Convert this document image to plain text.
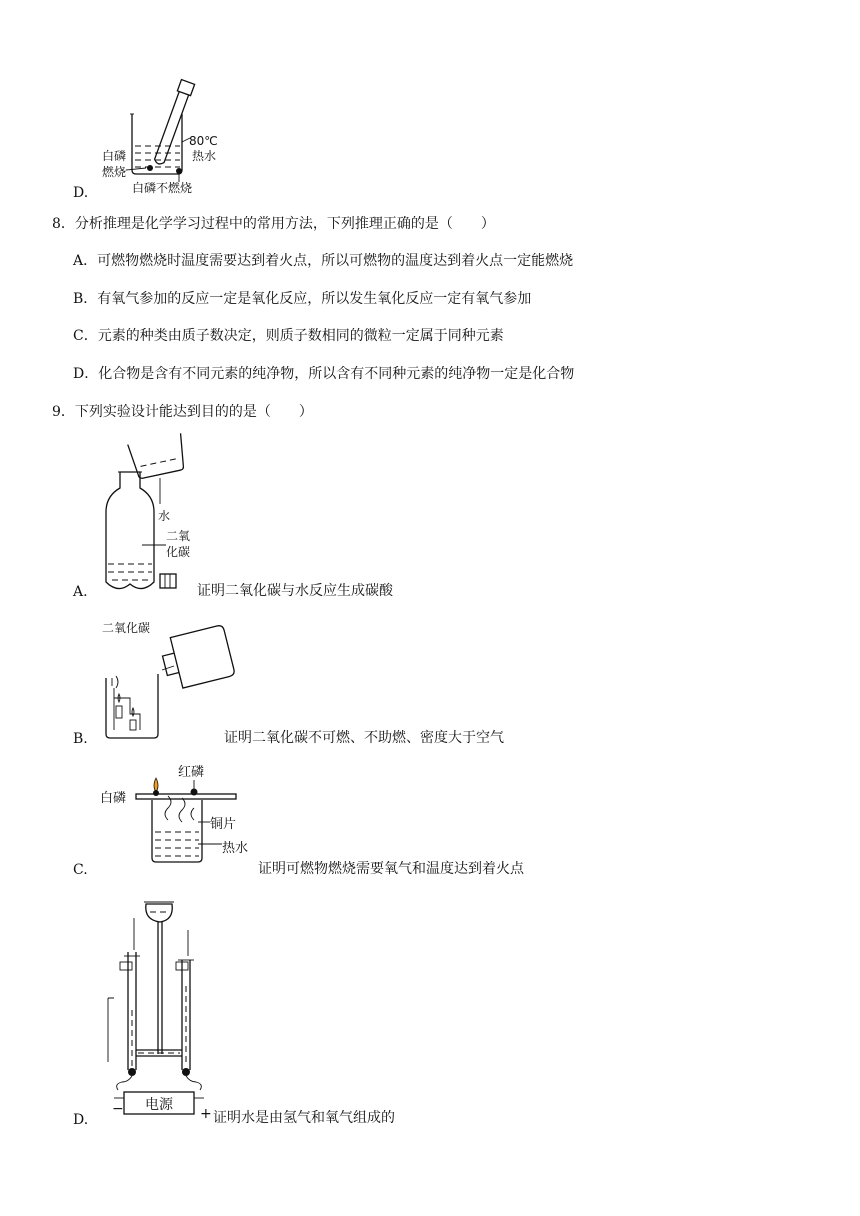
80℃
热水
白磷
燃烧
白磷不燃烧
D.
8．分析推理是化学学习过程中的常用方法，下列推理正确的是（　　）
A．可燃物燃烧时温度需要达到着火点，所以可燃物的温度达到着火点一定能燃烧
B．有氧气参加的反应一定是氧化反应，所以发生氧化反应一定有氧气参加
C．元素的种类由质子数决定，则质子数相同的微粒一定属于同种元素
D．化合物是含有不同元素的纯净物，所以含有不同种元素的纯净物一定是化合物
9．下列实验设计能达到目的的是（　　）
水
二氧
化碳
A.	证明二氧化碳与水反应生成碳酸
二氧化碳
B.	证明二氧化碳不可燃、不助燃、密度大于空气
红磷
白磷
铜片
热水
C.	证明可燃物燃烧需要氧气和温度达到着火点
电源
−	+
D.	证明水是由氢气和氧气组成的
